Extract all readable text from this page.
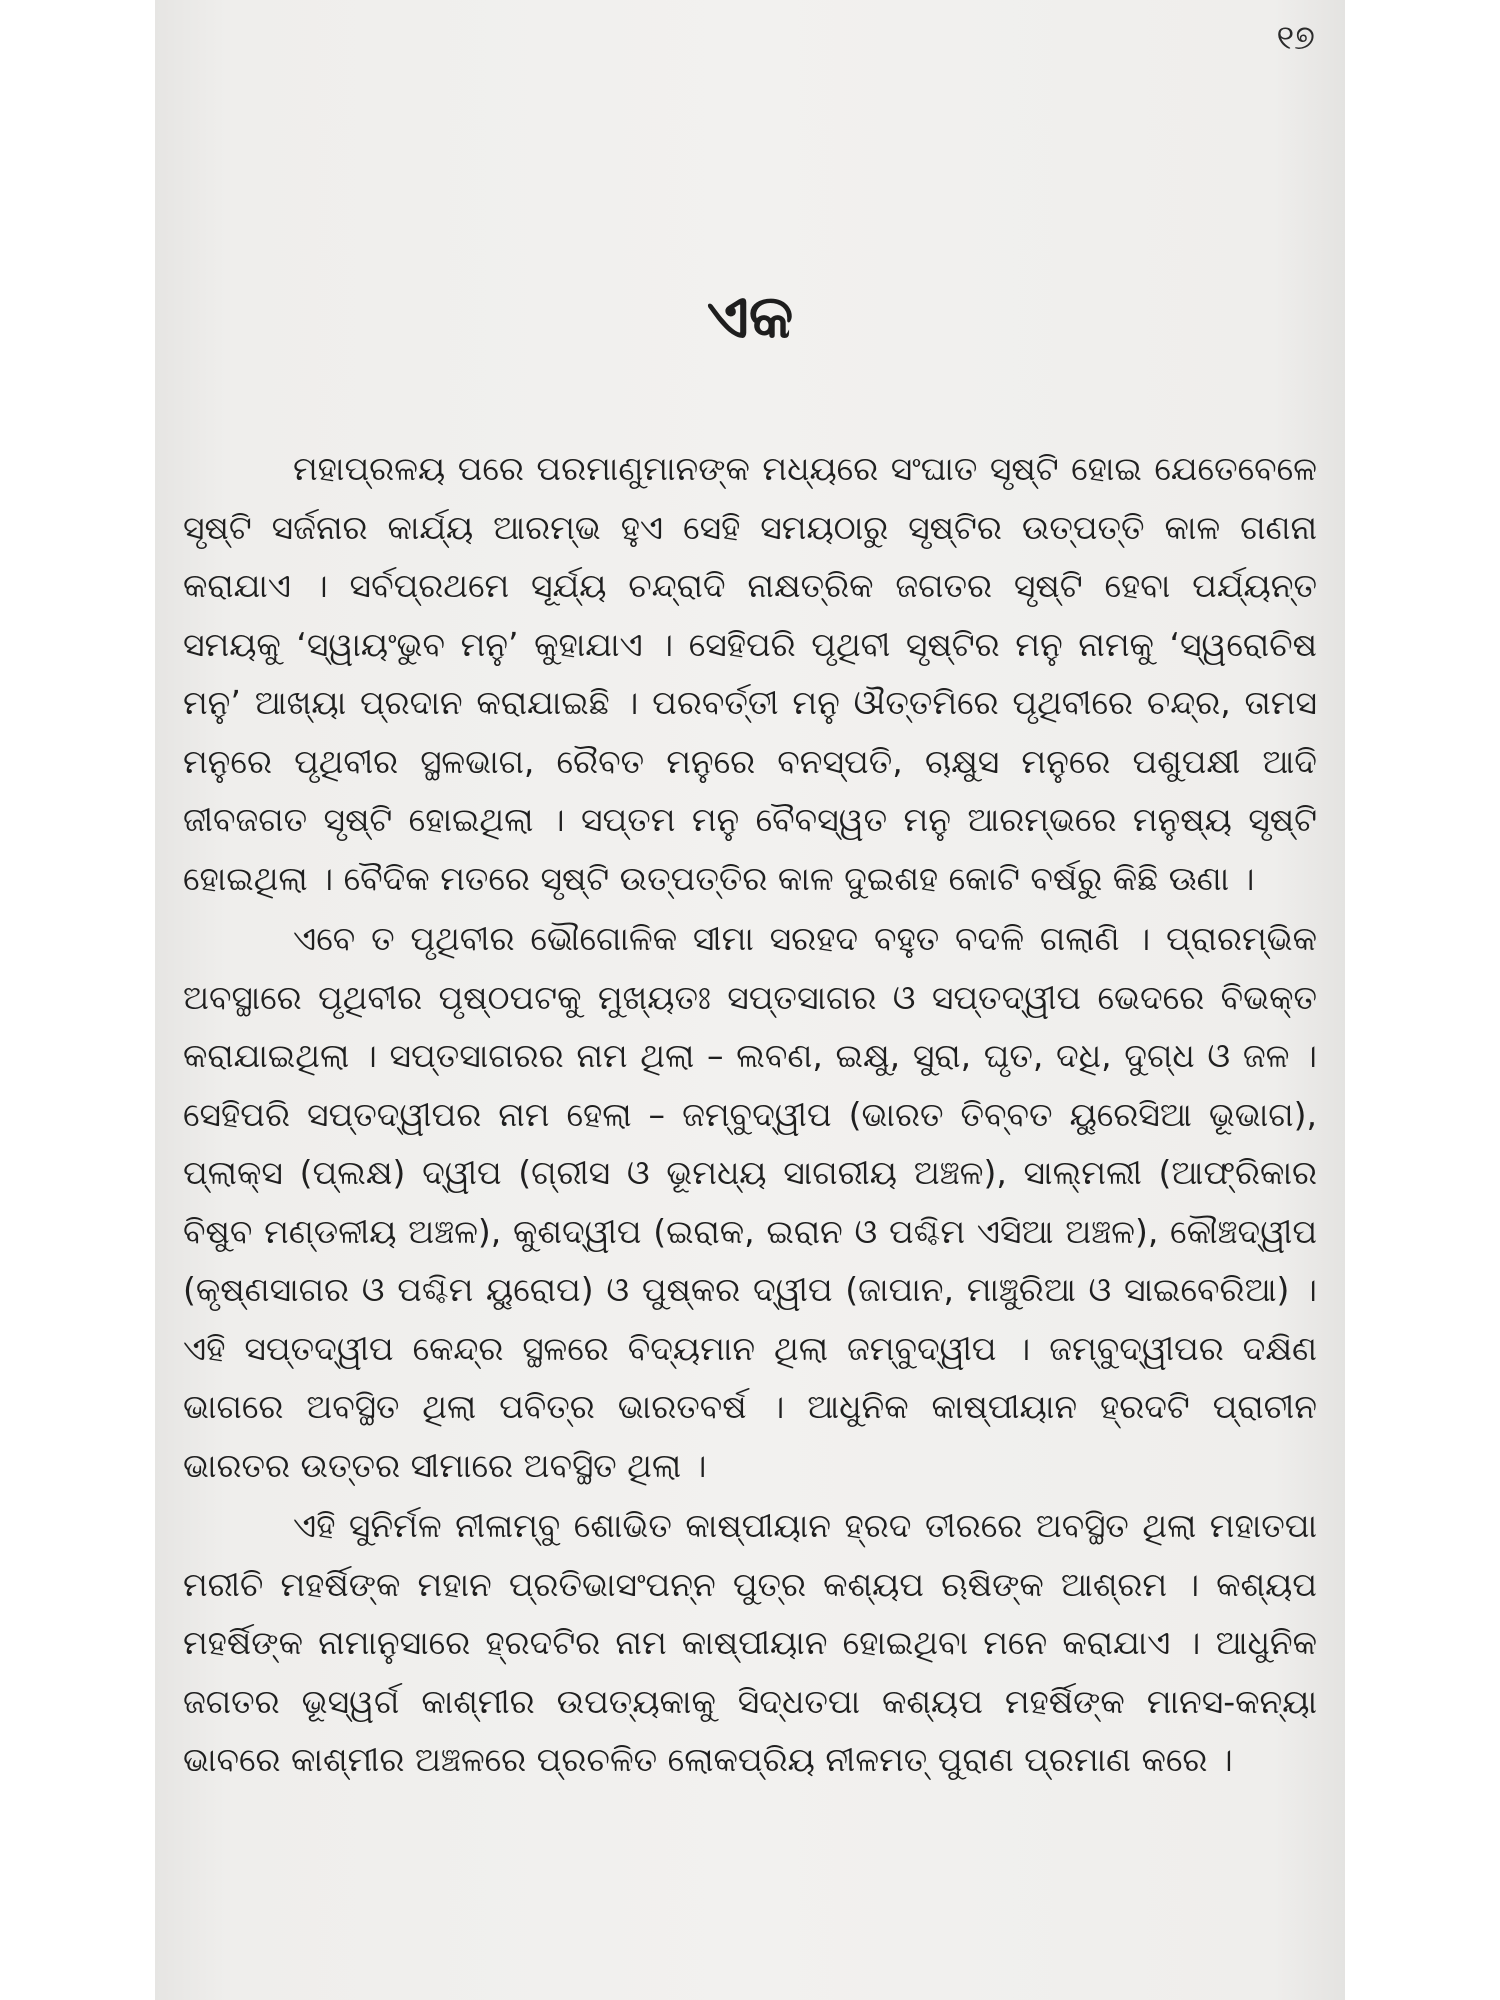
୧୭
ଏକ

ମହାପ୍ରଳୟ ପରେ ପରମାଣୁମାନଙ୍କ ମଧ୍ୟରେ ସଂଘାତ ସୃଷ୍ଟି ହୋଇ ଯେତେବେଳେ ସୃଷ୍ଟି ସର୍ଜନାର କାର୍ଯ୍ୟ ଆରମ୍ଭ ହୁଏ ସେହି ସମୟଠାରୁ ସୃଷ୍ଟିର ଉତ୍ପତ୍ତି କାଳ ଗଣନା କରାଯାଏ । ସର୍ବପ୍ରଥମେ ସୂର୍ଯ୍ୟ ଚନ୍ଦ୍ରାଦି ନାକ୍ଷତ୍ରିକ ଜଗତର ସୃଷ୍ଟି ହେବା ପର୍ଯ୍ୟନ୍ତ ସମୟକୁ ‘ସ୍ୱାୟଂଭୁବ ମନୁ’ କୁହାଯାଏ । ସେହିପରି ପୃଥିବୀ ସୃଷ୍ଟିର ମନୁ ନାମକୁ ‘ସ୍ୱରୋଚିଷ ମନୁ’ ଆଖ୍ୟା ପ୍ରଦାନ କରାଯାଇଛି । ପରବର୍ତ୍ତୀ ମନୁ ଔତ୍ତମିରେ ପୃଥିବୀରେ ଚନ୍ଦ୍ର, ତାମସ ମନୁରେ ପୃଥିବୀର ସ୍ଥଳଭାଗ, ରୈବତ ମନୁରେ ବନସ୍ପତି, ଚାକ୍ଷୁସ ମନୁରେ ପଶୁପକ୍ଷୀ ଆଦି ଜୀବଜଗତ ସୃଷ୍ଟି ହୋଇଥିଲା । ସପ୍ତମ ମନୁ ବୈବସ୍ୱତ ମନୁ ଆରମ୍ଭରେ ମନୁଷ୍ୟ ସୃଷ୍ଟି ହୋଇଥିଲା । ବୈଦିକ ମତରେ ସୃଷ୍ଟି ଉତ୍ପତ୍ତିର କାଳ ଦୁଇଶହ କୋଟି ବର୍ଷରୁ କିଛି ଊଣା ।

ଏବେ ତ ପୃଥିବୀର ଭୌଗୋଳିକ ସୀମା ସରହଦ ବହୁତ ବଦଳି ଗଲାଣି । ପ୍ରାରମ୍ଭିକ ଅବସ୍ଥାରେ ପୃଥିବୀର ପୃଷ୍ଠପଟକୁ ମୁଖ୍ୟତଃ ସପ୍ତସାଗର ଓ ସପ୍ତଦ୍ୱୀପ ଭେଦରେ ବିଭକ୍ତ କରାଯାଇଥିଲା । ସପ୍ତସାଗରର ନାମ ଥିଲା – ଲବଣ, ଇକ୍ଷୁ, ସୁରା, ଘୃତ, ଦଧି, ଦୁଗ୍ଧ ଓ ଜଳ । ସେହିପରି ସପ୍ତଦ୍ୱୀପର ନାମ ହେଲା – ଜମ୍ବୁଦ୍ୱୀପ (ଭାରତ ତିବ୍ବତ ୟୁରେସିଆ ଭୂଭାଗ), ପ୍ଲାକ୍ସ (ପ୍ଲକ୍ଷ) ଦ୍ୱୀପ (ଗ୍ରୀସ ଓ ଭୂମଧ୍ୟ ସାଗରୀୟ ଅଞ୍ଚଳ), ସାଲ୍ମଲୀ (ଆଫ୍ରିକାର ବିଷୁବ ମଣ୍ଡଳୀୟ ଅଞ୍ଚଳ), କୁଶଦ୍ୱୀପ (ଇରାକ, ଇରାନ ଓ ପଶ୍ଚିମ ଏସିଆ ଅଞ୍ଚଳ), କୌଞ୍ଚଦ୍ୱୀପ (କୃଷ୍ଣସାଗର ଓ ପଶ୍ଚିମ ୟୁରୋପ) ଓ ପୁଷ୍କର ଦ୍ୱୀପ (ଜାପାନ, ମାଞ୍ଚୁରିଆ ଓ ସାଇବେରିଆ) । ଏହି ସପ୍ତଦ୍ୱୀପ କେନ୍ଦ୍ର ସ୍ଥଳରେ ବିଦ୍ୟମାନ ଥିଲା ଜମ୍ବୁଦ୍ୱୀପ । ଜମ୍ବୁଦ୍ୱୀପର ଦକ୍ଷିଣ ଭାଗରେ ଅବସ୍ଥିତ ଥିଲା ପବିତ୍ର ଭାରତବର୍ଷ । ଆଧୁନିକ କାଷ୍ପୀୟାନ ହ୍ରଦଟି ପ୍ରାଚୀନ ଭାରତର ଉତ୍ତର ସୀମାରେ ଅବସ୍ଥିତ ଥିଲା ।

ଏହି ସୁନିର୍ମଳ ନୀଳାମ୍ବୁ ଶୋଭିତ କାଷ୍ପୀୟାନ ହ୍ରଦ ତୀରରେ ଅବସ୍ଥିତ ଥିଲା ମହାତପା ମରୀଚି ମହର୍ଷିଙ୍କ ମହାନ ପ୍ରତିଭାସଂପନ୍ନ ପୁତ୍ର କଶ୍ୟପ ଋଷିଙ୍କ ଆଶ୍ରମ । କଶ୍ୟପ ମହର୍ଷିଙ୍କ ନାମାନୁସାରେ ହ୍ରଦଟିର ନାମ କାଷ୍ପୀୟାନ ହୋଇଥିବା ମନେ କରାଯାଏ । ଆଧୁନିକ ଜଗତର ଭୂସ୍ୱର୍ଗ କାଶ୍ମୀର ଉପତ୍ୟକାକୁ ସିଦ୍ଧତପା କଶ୍ୟପ ମହର୍ଷିଙ୍କ ମାନସ-କନ୍ୟା ଭାବରେ କାଶ୍ମୀର ଅଞ୍ଚଳରେ ପ୍ରଚଳିତ ଲୋକପ୍ରିୟ ନୀଳମତ୍‌ ପୁରାଣ ପ୍ରମାଣ କରେ ।
